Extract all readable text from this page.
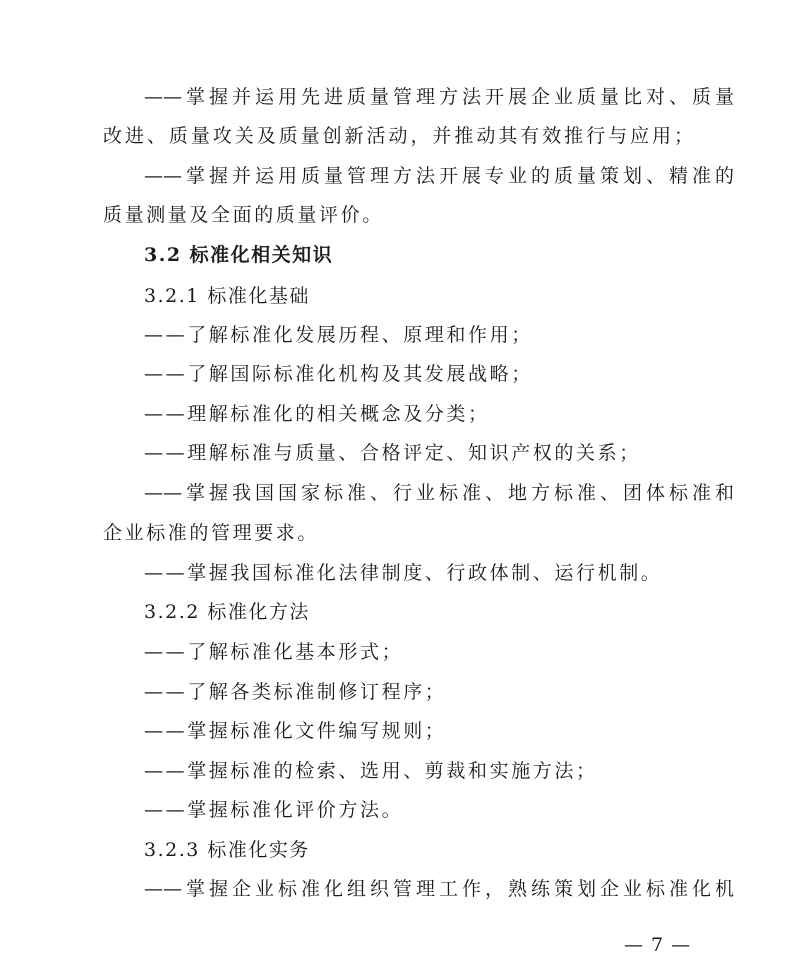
——掌握并运用先进质量管理方法开展企业质量比对、质量
改进、质量攻关及质量创新活动，并推动其有效推行与应用；
——掌握并运用质量管理方法开展专业的质量策划、精准的
质量测量及全面的质量评价。
3.2 标准化相关知识
3.2.1 标准化基础
——了解标准化发展历程、原理和作用；
——了解国际标准化机构及其发展战略；
——理解标准化的相关概念及分类；
——理解标准与质量、合格评定、知识产权的关系；
——掌握我国国家标准、行业标准、地方标准、团体标准和
企业标准的管理要求。
——掌握我国标准化法律制度、行政体制、运行机制。
3.2.2 标准化方法
——了解标准化基本形式；
——了解各类标准制修订程序；
——掌握标准化文件编写规则；
——掌握标准的检索、选用、剪裁和实施方法；
——掌握标准化评价方法。
3.2.3 标准化实务
——掌握企业标准化组织管理工作，熟练策划企业标准化机
— 7 —
